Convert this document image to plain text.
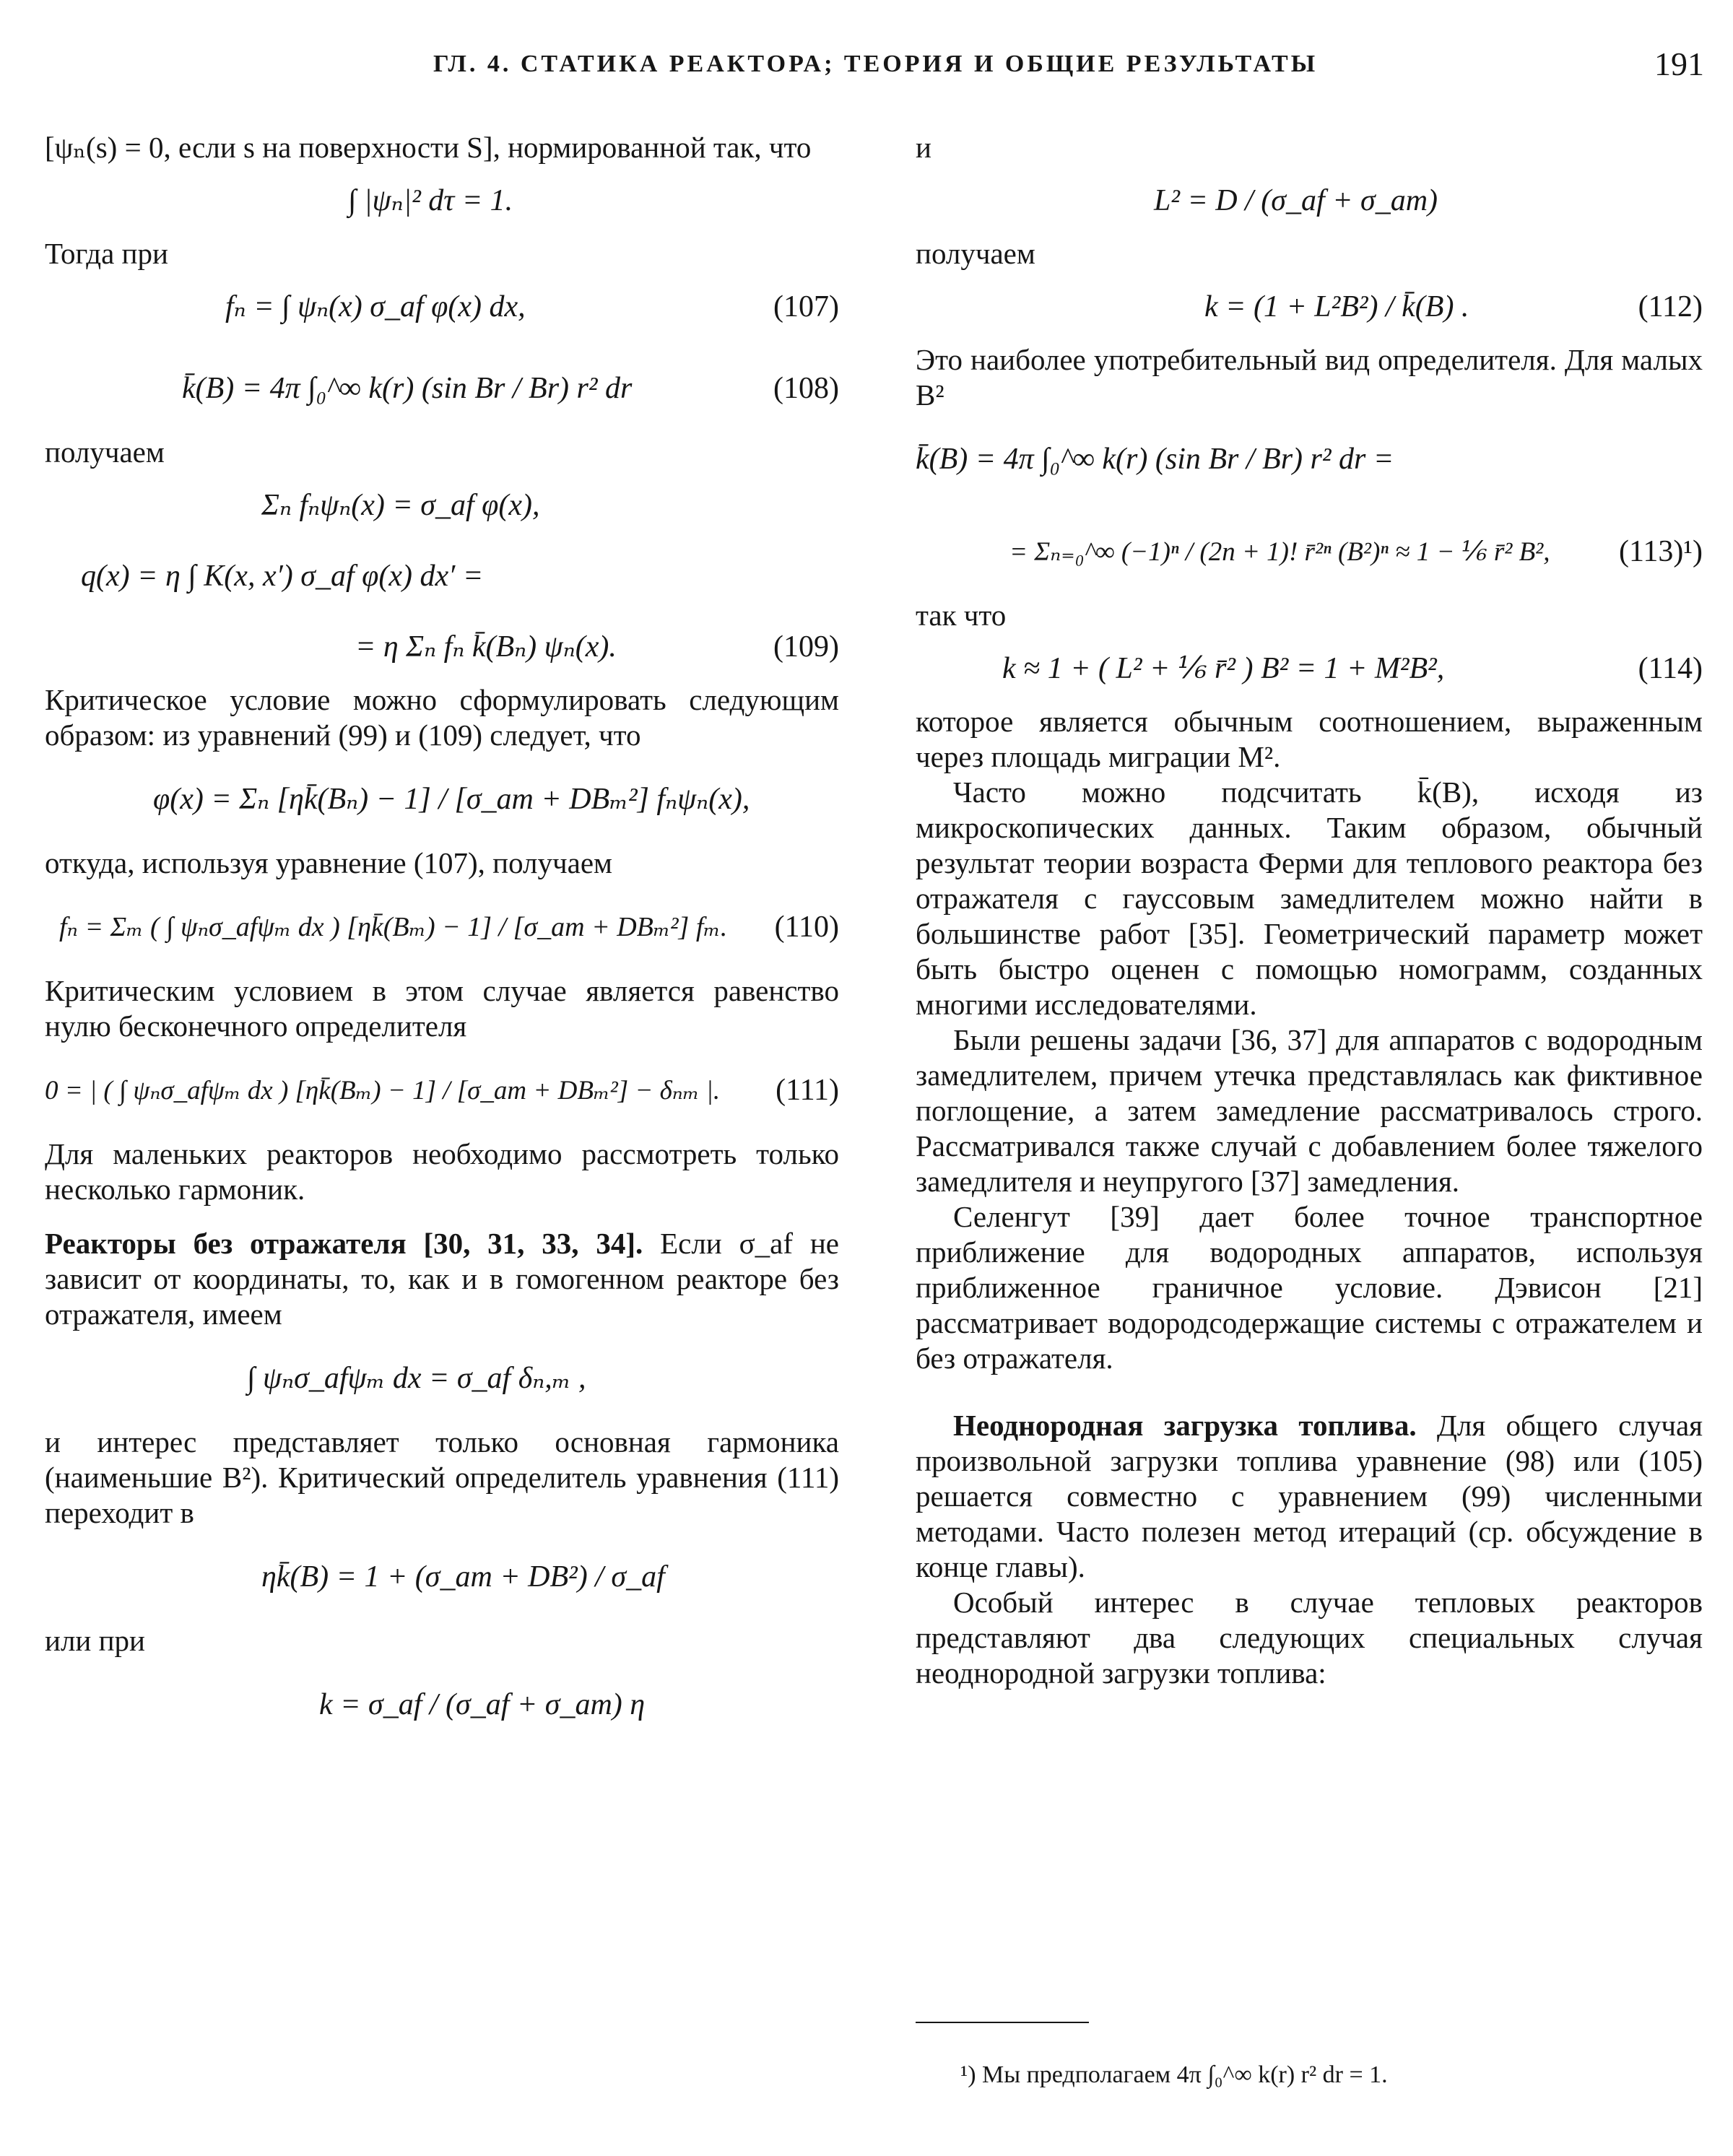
ГЛ. 4. СТАТИКА РЕАКТОРА; ТЕОРИЯ И ОБЩИЕ РЕЗУЛЬТАТЫ	191

[ψₙ(s) = 0, если s на поверхности S], нормированной так, что

∫ |ψₙ|² dτ = 1.

Тогда при

fₙ = ∫ ψₙ(x) σ_af φ(x) dx,	(107)
k̄(B) = 4π ∫₀^∞ k(r) (sin Br / Br) r² dr	(108)

получаем

Σₙ fₙψₙ(x) = σ_af φ(x),
q(x) = η ∫ K(x, x′) σ_af φ(x) dx′ =
= η Σₙ fₙ k̄(Bₙ) ψₙ(x).	(109)

Критическое условие можно сформулировать следующим образом: из уравнений (99) и (109) следует, что

φ(x) = Σₙ [ηk̄(Bₙ) − 1] / [σ_am + DBₘ²] fₙψₙ(x),

откуда, используя уравнение (107), получаем

fₙ = Σₘ ( ∫ ψₙσ_afψₘ dx ) [ηk̄(Bₘ) − 1] / [σ_am + DBₘ²] fₘ. (110)

Критическим условием в этом случае является равенство нулю бесконечного определителя

0 = | ( ∫ ψₙσ_afψₘ dx ) [ηk̄(Bₘ) − 1] / [σ_am + DBₘ²] − δₙₘ |. (111)

Для маленьких реакторов необходимо рассмотреть только несколько гармоник.

Реакторы без отражателя [30, 31, 33, 34]. Если σ_af не зависит от координаты, то, как и в гомогенном реакторе без отражателя, имеем

∫ ψₙσ_afψₘ dx = σ_af δₙ,ₘ ,

и интерес представляет только основная гармоника (наименьшие B²). Критический определитель уравнения (111) переходит в

ηk̄(B) = 1 + (σ_am + DB²) / σ_af

или при

k = σ_af / (σ_af + σ_am) η

и

L² = D / (σ_af + σ_am)

получаем

k = (1 + L²B²) / k̄(B) .	(112)

Это наиболее употребительный вид определителя. Для малых B²

k̄(B) = 4π ∫₀^∞ k(r) (sin Br / Br) r² dr =
= Σₙ₌₀^∞ (−1)ⁿ / (2n + 1)! r̄²ⁿ (B²)ⁿ ≈ 1 − ⅙ r̄² B², (113)¹)

так что

k ≈ 1 + ( L² + ⅙ r̄² ) B² = 1 + M²B²,	(114)

которое является обычным соотношением, выраженным через площадь миграции M².

Часто можно подсчитать k̄(B), исходя из микроскопических данных. Таким образом, обычный результат теории возраста Ферми для теплового реактора без отражателя с гауссовым замедлителем можно найти в большинстве работ [35]. Геометрический параметр может быть быстро оценен с помощью номограмм, созданных многими исследователями.

Были решены задачи [36, 37] для аппаратов с водородным замедлителем, причем утечка представлялась как фиктивное поглощение, а затем замедление рассматривалось строго. Рассматривался также случай с добавлением более тяжелого замедлителя и неупругого [37] замедления.

Селенгут [39] дает более точное транспортное приближение для водородных аппаратов, используя приближенное граничное условие. Дэвисон [21] рассматривает водородсодержащие системы с отражателем и без отражателя.

Неоднородная загрузка топлива. Для общего случая произвольной загрузки топлива уравнение (98) или (105) решается совместно с уравнением (99) численными методами. Часто полезен метод итераций (ср. обсуждение в конце главы).

Особый интерес в случае тепловых реакторов представляют два следующих специальных случая неоднородной загрузки топлива:

¹) Мы предполагаем 4π ∫₀^∞ k(r) r² dr = 1.
